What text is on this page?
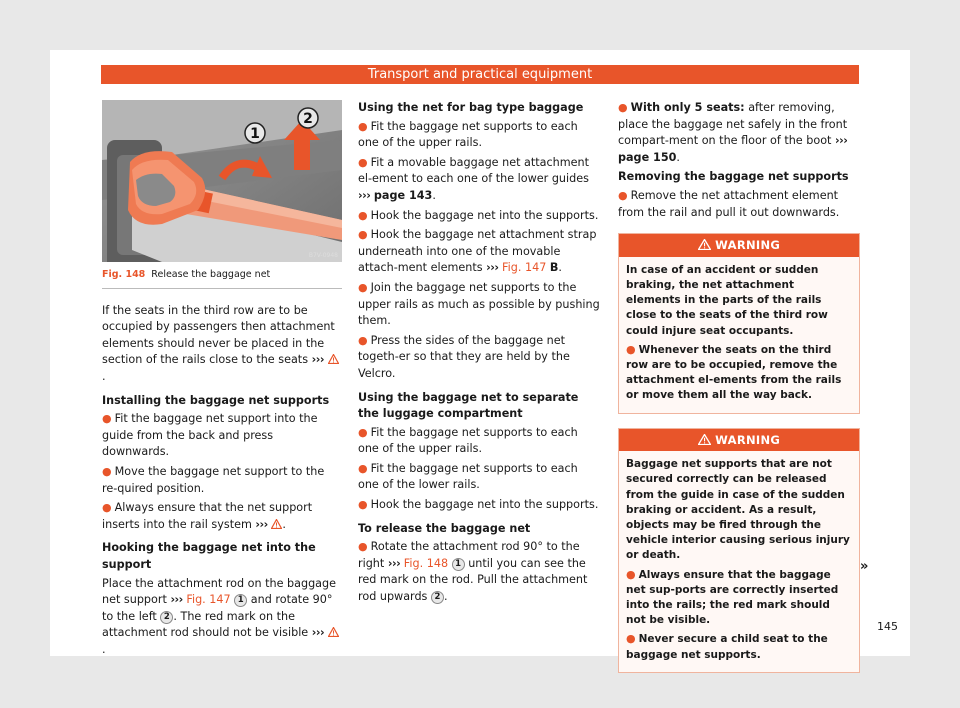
Transport and practical equipment
1
2
B7V-0948
Fig. 148 Release the baggage net

If the seats in the third row are to be occupied by passengers then attachment elements should never be placed in the section of the rails close to the seats ››› .

Installing the baggage net supports

● Fit the baggage net support into the guide from the back and press downwards.

● Move the baggage net support to the re-quired position.

● Always ensure that the net support inserts into the rail system ››› .

Hooking the baggage net into the support

Place the attachment rod on the baggage net support ››› Fig. 147 1 and rotate 90° to the left 2 . The red mark on the attachment rod should not be visible ››› .

Using the net for bag type baggage

● Fit the baggage net supports to each one of the upper rails.

● Fit a movable baggage net attachment el-ement to each one of the lower guides ››› page 143.

● Hook the baggage net into the supports.

● Hook the baggage net attachment strap underneath into one of the movable attach-ment elements ››› Fig. 147 B.

● Join the baggage net supports to the upper rails as much as possible by pushing them.

● Press the sides of the baggage net togeth-er so that they are held by the Velcro.

Using the baggage net to separate the luggage compartment

● Fit the baggage net supports to each one of the upper rails.

● Fit the baggage net supports to each one of the lower rails.

● Hook the baggage net into the supports.

To release the baggage net

● Rotate the attachment rod 90° to the right ››› Fig. 148 1 until you can see the red mark on the rod. Pull the attachment rod upwards 2 .

● With only 5 seats: after removing, place the baggage net safely in the front compart-ment on the floor of the boot ››› page 150.

Removing the baggage net supports

● Remove the net attachment element from the rail and pull it out downwards.

WARNING

In case of an accident or sudden braking, the net attachment elements in the parts of the rails close to the seats of the third row could injure seat occupants.

● Whenever the seats on the third row are to be occupied, remove the attachment el-ements from the rails or move them all the way back.

WARNING

Baggage net supports that are not secured correctly can be released from the guide in case of the sudden braking or accident. As a result, objects may be fired through the vehicle interior causing serious injury or death.

● Always ensure that the baggage net sup-ports are correctly inserted into the rails; the red mark should not be visible.

● Never secure a child seat to the baggage net supports.

»
145
